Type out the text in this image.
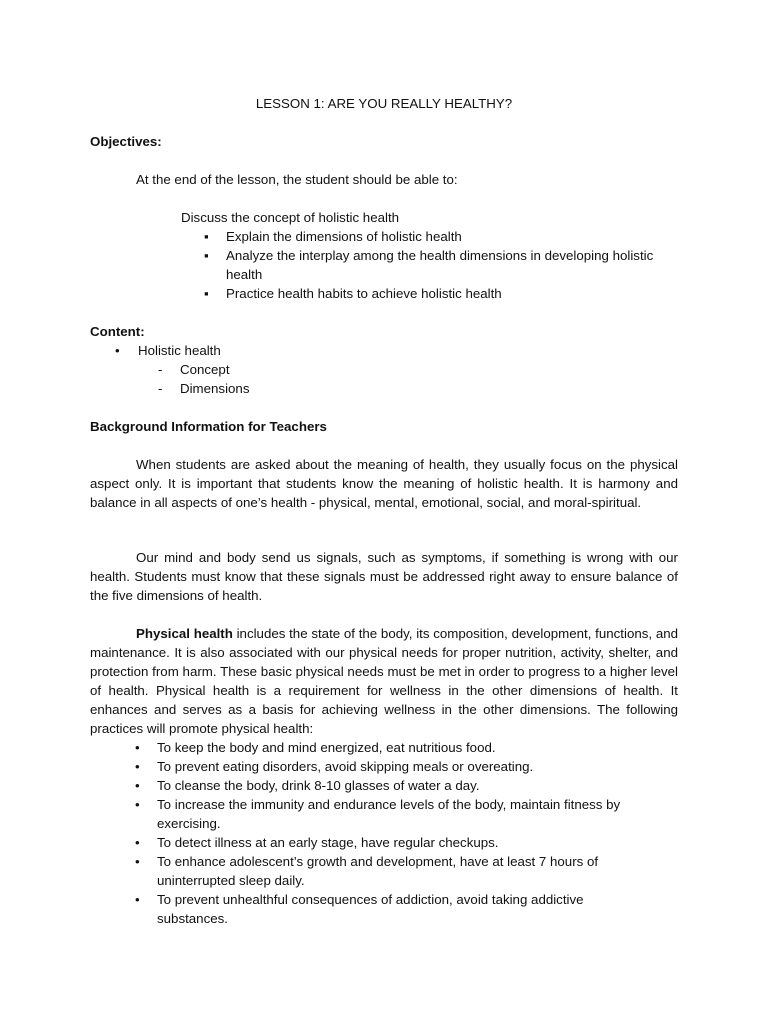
LESSON 1: ARE YOU REALLY HEALTHY?
Objectives:
At the end of the lesson, the student should be able to:
Discuss the concept of holistic health
▪ Explain the dimensions of holistic health
▪ Analyze the interplay among the health dimensions in developing holistic health
▪ Practice health habits to achieve holistic health
Content:
• Holistic health
- Concept
- Dimensions
Background Information for Teachers
When students are asked about the meaning of health, they usually focus on the physical aspect only. It is important that students know the meaning of holistic health. It is harmony and balance in all aspects of one’s health - physical, mental, emotional, social, and moral-spiritual.
Our mind and body send us signals, such as symptoms, if something is wrong with our health. Students must know that these signals must be addressed right away to ensure balance of the five dimensions of health.
Physical health includes the state of the body, its composition, development, functions, and maintenance. It is also associated with our physical needs for proper nutrition, activity, shelter, and protection from harm. These basic physical needs must be met in order to progress to a higher level of health. Physical health is a requirement for wellness in the other dimensions of health. It enhances and serves as a basis for achieving wellness in the other dimensions. The following practices will promote physical health:
• To keep the body and mind energized, eat nutritious food.
• To prevent eating disorders, avoid skipping meals or overeating.
• To cleanse the body, drink 8-10 glasses of water a day.
• To increase the immunity and endurance levels of the body, maintain fitness by exercising.
• To detect illness at an early stage, have regular checkups.
• To enhance adolescent’s growth and development, have at least 7 hours of uninterrupted sleep daily.
• To prevent unhealthful consequences of addiction, avoid taking addictive substances.
